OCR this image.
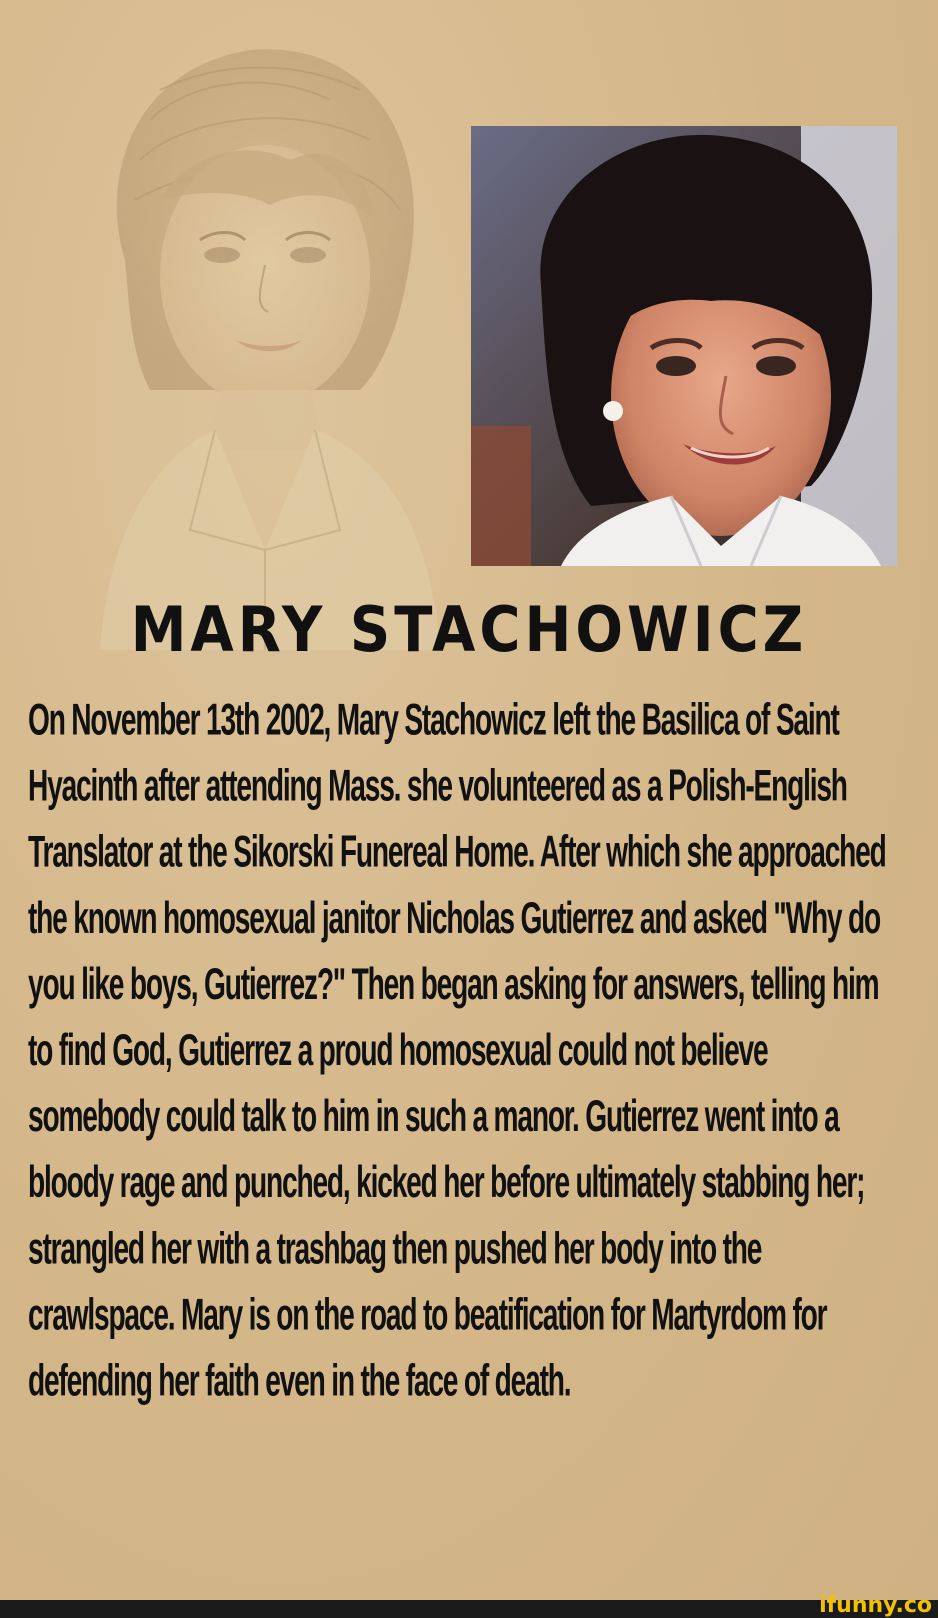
MARY STACHOWICZ

On November 13th 2002, Mary Stachowicz left the Basilica of Saint Hyacinth after attending Mass. she volunteered as a Polish-English Translator at the Sikorski Funereal Home. After which she approached the known homosexual janitor Nicholas Gutierrez and asked "Why do you like boys, Gutierrez?" Then began asking for answers, telling him to find God, Gutierrez a proud homosexual could not believe somebody could talk to him in such a manor. Gutierrez went into a bloody rage and punched, kicked her before ultimately stabbing her; strangled her with a trashbag then pushed her body into the crawlspace. Mary is on the road to beatification for Martyrdom for defending her faith even in the face of death.

ifunny.co
